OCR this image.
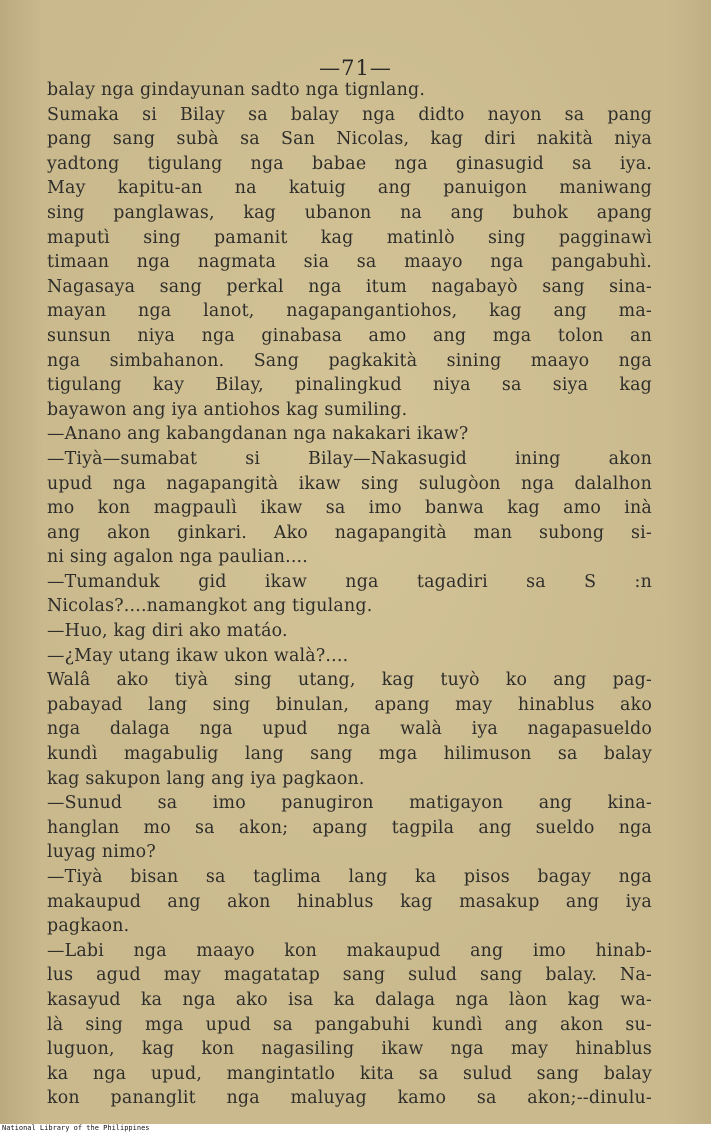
—71—
balay nga gindayunan sadto nga tignlang.
Sumaka si Bilay sa balay nga didto nayon sa pang
pang sang subà sa San Nicolas, kag diri nakità niya
yadtong tigulang nga babae nga ginasugid sa iya.
May kapitu-an na katuig ang panuigon maniwang
sing panglawas, kag ubanon na ang buhok apang
maputì sing pamanit kag matinlò sing pagginawì
timaan nga nagmata sia sa maayo nga pangabuhì.
Nagasaya sang perkal nga itum nagabayò sang sina-
mayan nga lanot, nagapangantiohos, kag ang ma-
sunsun niya nga ginabasa amo ang mga tolon an
nga simbahanon. Sang pagkakità sining maayo nga
tigulang kay Bilay, pinalingkud niya sa siya kag
bayawon ang iya antiohos kag sumiling.
—Anano ang kabangdanan nga nakakari ikaw?
—Tiyà—sumabat si Bilay—Nakasugid ining akon
upud nga nagapangità ikaw sing sulugòon nga dalalhon
mo kon magpaulì ikaw sa imo banwa kag amo inà
ang akon ginkari. Ako nagapangità man subong si-
ni sing agalon nga paulian....
—Tumanduk gid ikaw nga tagadiri sa S :n
Nicolas?....namangkot ang tigulang.
—Huo, kag diri ako matáo.
—¿May utang ikaw ukon walà?....
Walâ ako tiyà sing utang, kag tuyò ko ang pag-
pabayad lang sing binulan, apang may hinablus ako
nga dalaga nga upud nga walà iya nagapasueldo
kundì magabulig lang sang mga hilimuson sa balay
kag sakupon lang ang iya pagkaon.
—Sunud sa imo panugiron matigayon ang kina-
hanglan mo sa akon; apang tagpila ang sueldo nga
luyag nimo?
—Tiyà bisan sa taglima lang ka pisos bagay nga
makaupud ang akon hinablus kag masakup ang iya
pagkaon.
—Labi nga maayo kon makaupud ang imo hinab-
lus agud may magatatap sang sulud sang balay. Na-
kasayud ka nga ako isa ka dalaga nga làon kag wa-
là sing mga upud sa pangabuhi kundì ang akon su-
luguon, kag kon nagasiling ikaw nga may hinablus
ka nga upud, mangintatlo kita sa sulud sang balay
kon pananglit nga maluyag kamo sa akon;--dinulu-
National Library of the Philippines
